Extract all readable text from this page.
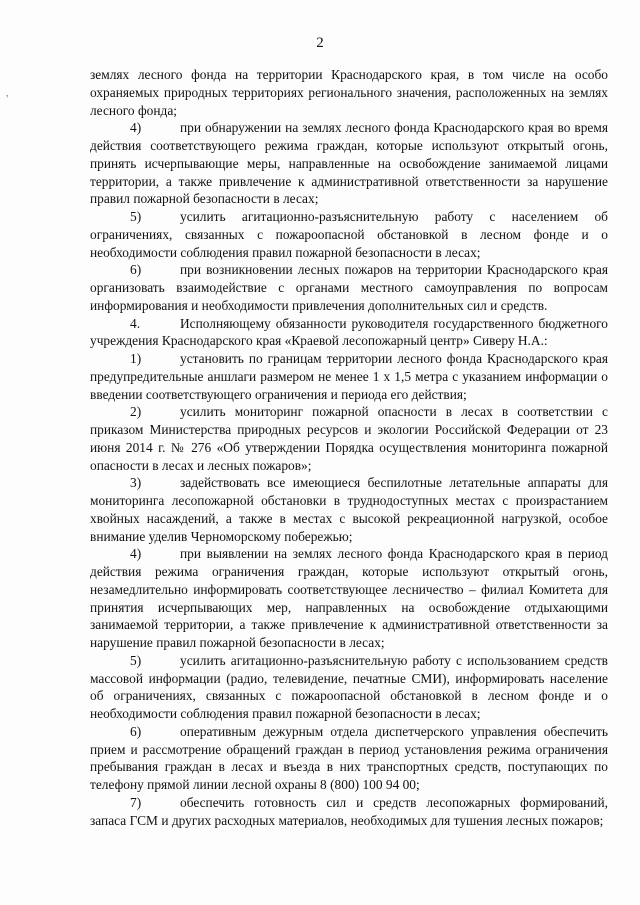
,
2

землях лесного фонда на территории Краснодарского края, в том числе на особо охраняемых природных территориях регионального значения, расположенных на землях лесного фонда;

4)	при обнаружении на землях лесного фонда Краснодарского края во время действия соответствующего режима граждан, которые используют открытый огонь, принять исчерпывающие меры, направленные на освобождение занимаемой лицами территории, а также привлечение к административной ответственности за нарушение правил пожарной безопасности в лесах;

5)	усилить агитационно-разъяснительную работу с населением об ограничениях, связанных с пожароопасной обстановкой в лесном фонде и о необходимости соблюдения правил пожарной безопасности в лесах;

6)	при возникновении лесных пожаров на территории Краснодарского края организовать взаимодействие с органами местного самоуправления по вопросам информирования и необходимости привлечения дополнительных сил и средств.

4.	Исполняющему обязанности руководителя государственного бюджетного учреждения Краснодарского края «Краевой лесопожарный центр» Сиверу Н.А.:

1)	установить по границам территории лесного фонда Краснодарского края предупредительные аншлаги размером не менее 1 х 1,5 метра с указанием информации о введении соответствующего ограничения и периода его действия;

2)	усилить мониторинг пожарной опасности в лесах в соответствии с приказом Министерства природных ресурсов и экологии Российской Федерации от 23 июня 2014 г. № 276 «Об утверждении Порядка осуществления мониторинга пожарной опасности в лесах и лесных пожаров»;

3)	задействовать все имеющиеся беспилотные летательные аппараты для мониторинга лесопожарной обстановки в труднодоступных местах с произрастанием хвойных насаждений, а также в местах с высокой рекреационной нагрузкой, особое внимание уделив Черноморскому побережью;

4)	при выявлении на землях лесного фонда Краснодарского края в период действия режима ограничения граждан, которые используют открытый огонь, незамедлительно информировать соответствующее лесничество – филиал Комитета для принятия исчерпывающих мер, направленных на освобождение отдыхающими занимаемой территории, а также привлечение к административной ответственности за нарушение правил пожарной безопасности в лесах;

5)	усилить агитационно-разъяснительную работу с использованием средств массовой информации (радио, телевидение, печатные СМИ), информировать население об ограничениях, связанных с пожароопасной обстановкой в лесном фонде и о необходимости соблюдения правил пожарной безопасности в лесах;

6)	оперативным дежурным отдела диспетчерского управления обеспечить прием и рассмотрение обращений граждан в период установления режима ограничения пребывания граждан в лесах и въезда в них транспортных средств, поступающих по телефону прямой линии лесной охраны 8 (800) 100 94 00;

7)	обеспечить готовность сил и средств лесопожарных формирований, запаса ГСМ и других расходных материалов, необходимых для тушения лесных пожаров;
